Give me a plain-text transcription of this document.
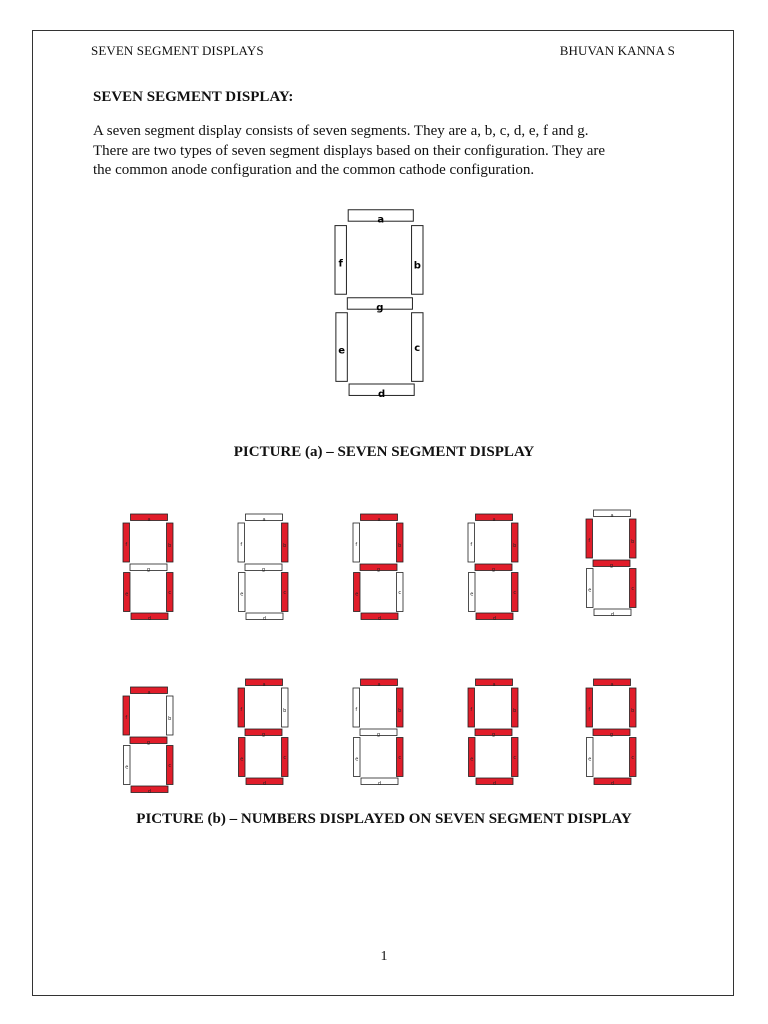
SEVEN SEGMENT DISPLAYS	BHUVAN KANNA S
SEVEN SEGMENT DISPLAY:
A seven segment display consists of seven segments. They are a, b, c, d, e, f and g.
There are two types of seven segment displays based on their configuration. They are
the common anode configuration and the common cathode configuration.
a
b
c
d
e
f
g
PICTURE (a) – SEVEN SEGMENT DISPLAY
a
b
c
d
e
f
g
a
b
c
d
e
f
g
a
b
c
d
e
f
g
a
b
c
d
e
f
g
a
b
c
d
e
f
g
a
b
c
d
e
f
g
a
b
c
d
e
f
g
a
b
c
d
e
f
g
a
b
c
d
e
f
g
a
b
c
d
e
f
g
PICTURE (b) – NUMBERS DISPLAYED ON SEVEN SEGMENT DISPLAY
1
